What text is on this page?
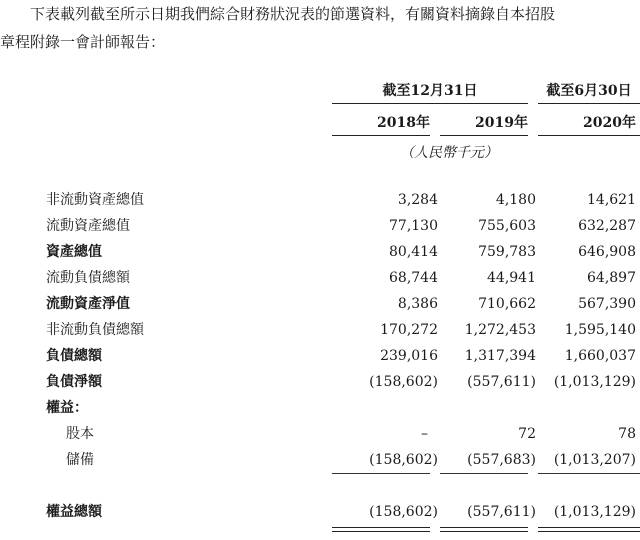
下表載列截至所示日期我們綜合財務狀況表的節選資料，有關資料摘錄自本招股
章程附錄一會計師報告：
截至12月31日	截至6月30日
2018年	2019年	2020年
（人民幣千元）
非流動資產總值	3,284	4,180	14,621
流動資產總值	77,130	755,603	632,287
資產總值	80,414	759,783	646,908
流動負債總額	68,744	44,941	64,897
流動資產淨值	8,386	710,662	567,390
非流動負債總額	170,272 1,272,453 1,595,140
負債總額	239,016 1,317,394 1,660,037
負債淨額	(158,602) (557,611) (1,013,129)
權益：
股本	–	72	78
儲備	(158,602) (557,683) (1,013,207)
權益總額	(158,602) (557,611) (1,013,129)
